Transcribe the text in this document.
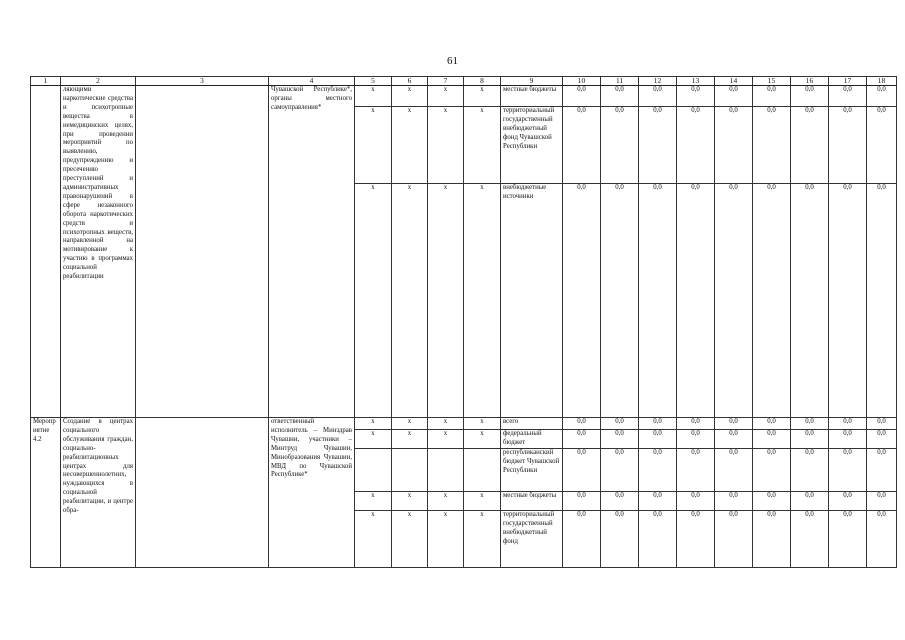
61
1	2	3	4	5	6	7	8	9	10	11	12	13	14	15	16	17	18
	ляющими наркотические средства и психотропные вещества в немедицинских целях, при проведении мероприятий по выявлению, предупреждению и пресечению преступлений и административных правонарушений в сфере незаконного оборота наркотических средств и психотропных веществ, направленной на мотивирование к участию в программах социальной реабилитации		Чувашской Республике*, органы местного самоуправления*	x	x	x	x	местные бюджеты	0,0	0,0	0,0	0,0	0,0	0,0	0,0	0,0	0,0
				x	x	x	x	территориальный государственный внебюджетный фонд Чувашской Республики	0,0	0,0	0,0	0,0	0,0	0,0	0,0	0,0	0,0
				x	x	x	x	внебюджетные источники	0,0	0,0	0,0	0,0	0,0	0,0	0,0	0,0	0,0
Мероприятие 4.2	Создание в центрах социального обслуживания граждан, социально-реабилитационных центрах для несовершеннолетних, нуждающихся в социальной реабилитации, и центре обра-		ответственный исполнитель – Минздрав Чувашии, участники – Минтруд Чувашии, Минобразования Чувашии, МВД по Чувашской Республике*	x	x	x	x	всего	0,0	0,0	0,0	0,0	0,0	0,0	0,0	0,0	0,0
				x	x	x	x	федеральный бюджет	0,0	0,0	0,0	0,0	0,0	0,0	0,0	0,0	0,0
								республиканский бюджет Чувашской Республики	0,0	0,0	0,0	0,0	0,0	0,0	0,0	0,0	0,0
				x	x	x	x	местные бюджеты	0,0	0,0	0,0	0,0	0,0	0,0	0,0	0,0	0,0
				x	x	x	x	территориальный государственный внебюджетный фонд	0,0	0,0	0,0	0,0	0,0	0,0	0,0	0,0	0,0
